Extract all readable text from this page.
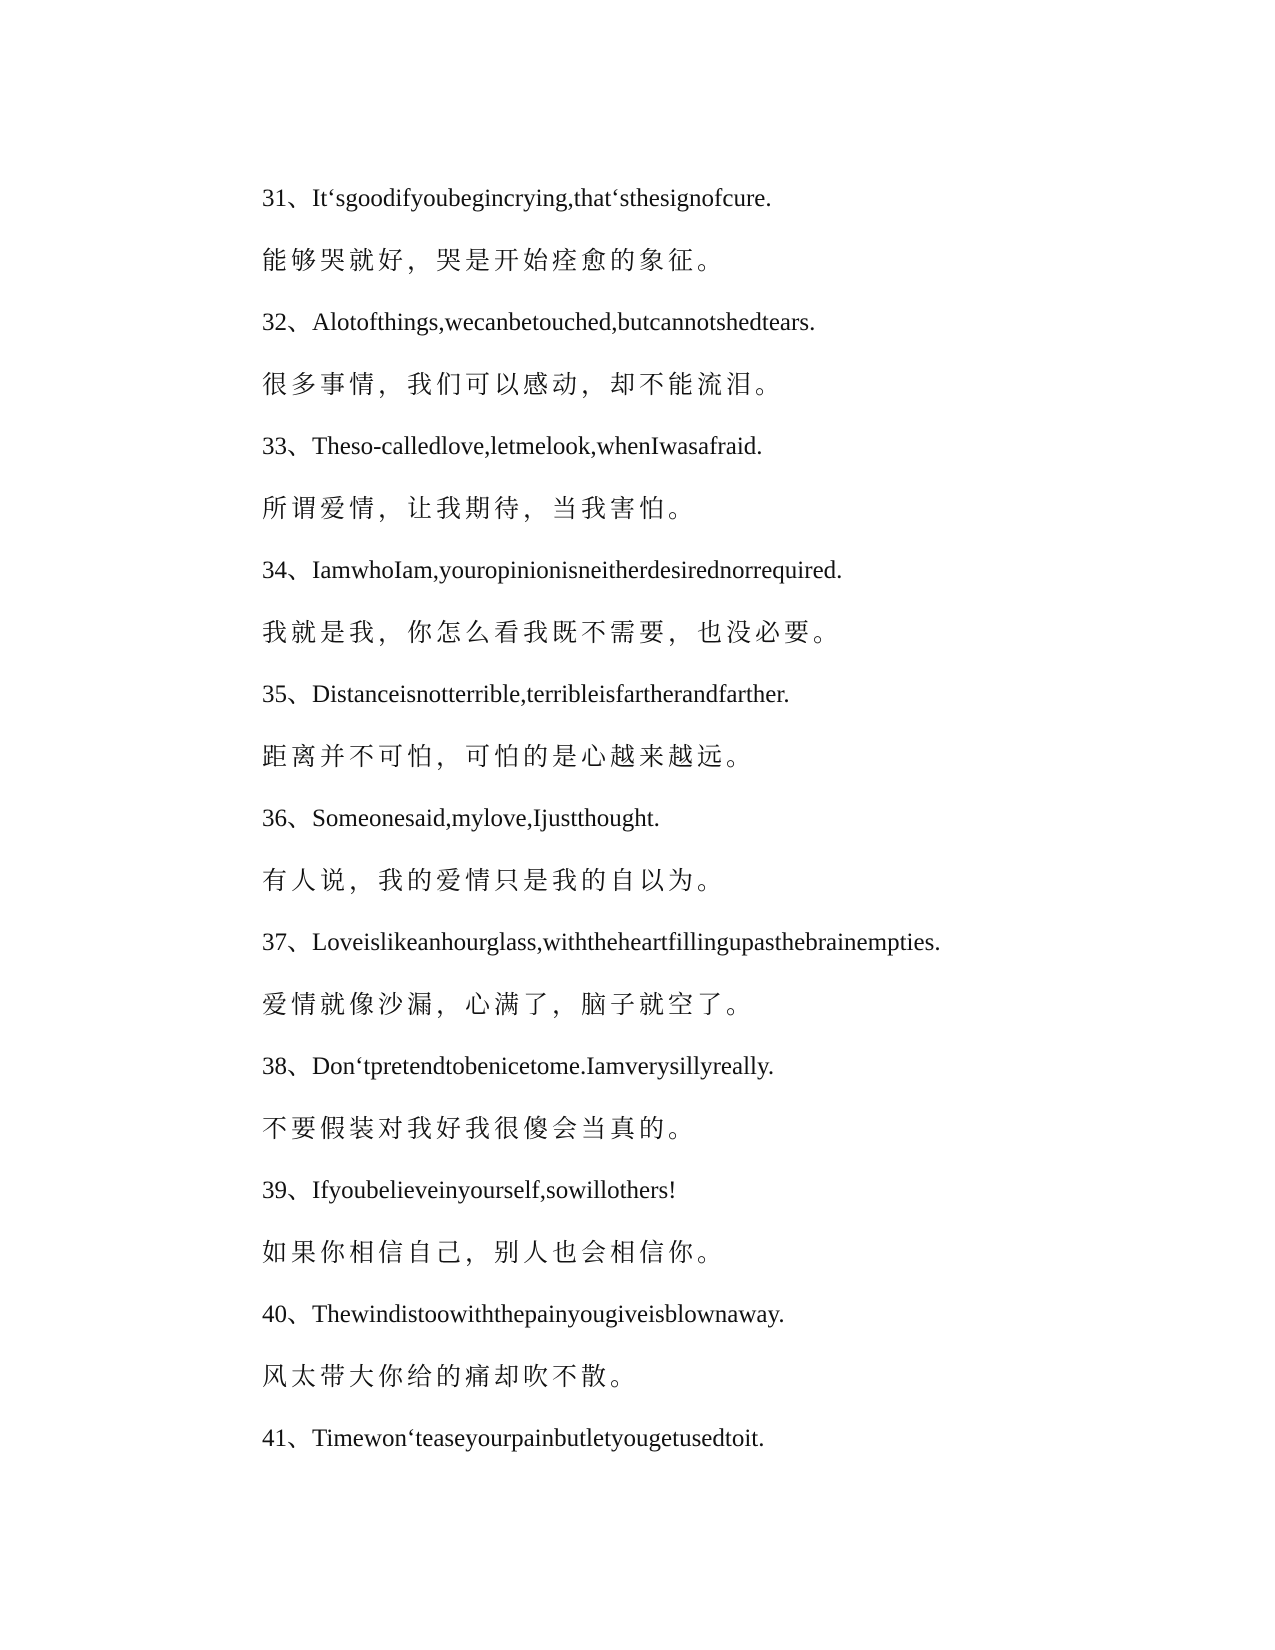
31、It‘sgoodifyoubegincrying,that‘sthesignofcure.
能够哭就好，哭是开始痊愈的象征。
32、Alotofthings,wecanbetouched,butcannotshedtears.
很多事情，我们可以感动，却不能流泪。
33、Theso-calledlove,letmelook,whenIwasafraid.
所谓爱情，让我期待，当我害怕。
34、IamwhoIam,youropinionisneitherdesirednorrequired.
我就是我，你怎么看我既不需要，也没必要。
35、Distanceisnotterrible,terribleisfartherandfarther.
距离并不可怕，可怕的是心越来越远。
36、Someonesaid,mylove,Ijustthought.
有人说，我的爱情只是我的自以为。
37、Loveislikeanhourglass,withtheheartfillingupasthebrainempties.
爱情就像沙漏，心满了，脑子就空了。
38、Don‘tpretendtobenicetome.Iamverysillyreally.
不要假装对我好我很傻会当真的。
39、Ifyoubelieveinyourself,sowillothers!
如果你相信自己，别人也会相信你。
40、Thewindistoowiththepainyougiveisblownaway.
风太带大你给的痛却吹不散。
41、Timewon‘teaseyourpainbutletyougetusedtoit.
